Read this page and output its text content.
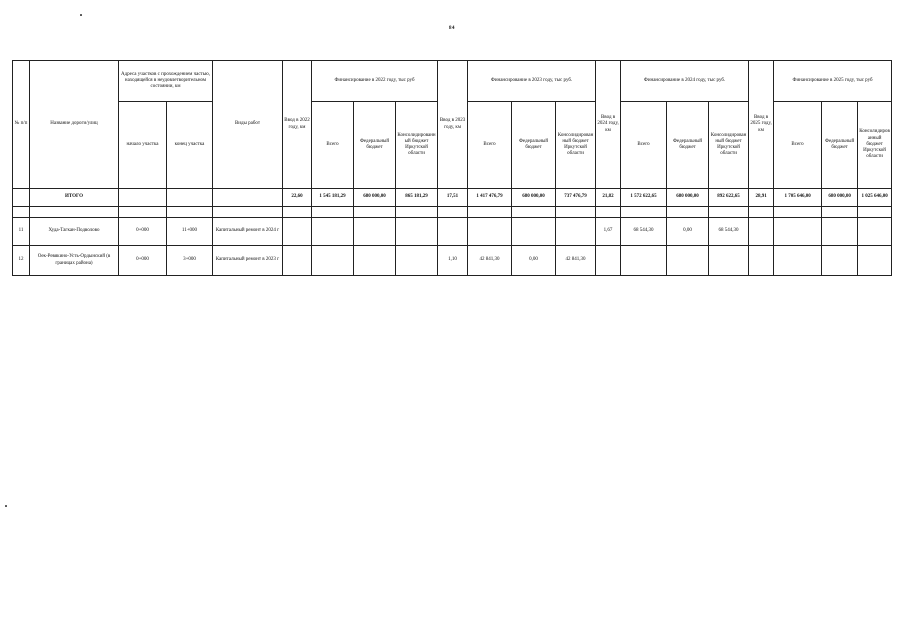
84
№ п/п	Название дороги/улиц	Адреса участков с прохождением частью, находящейся в неудовлетворительном состоянии, км		Виды работ	Ввод в 2022 году, км	Финансирование в 2022 году, тыс руб			Ввод в 2023 году, км	Финансирование в 2023 году, тыс руб.			Ввод в 2024 году, км	Финансирование в 2024 году, тыс руб.			Ввод в 2025 году, км	Финансирование в 2025 году, тыс руб		
		начало участка	конец участка			Всего	Федеральный бюджет	Консолидированный бюджет Иркутской области		Всего	Федеральный бюджет	Консолидированный бюджет Иркутской области		Всего	Федеральный бюджет	Консолидированный бюджет Иркутской области		Всего	Федеральный бюджет	Консолидированный бюджет Иркутской области
	ИТОГО				22,60	1 545 181,29	680 000,00	865 181,29	17,51	1 417 476,79	680 000,00	737 476,79	21,82	1 572 622,65	680 000,00	892 622,65	28,91	1 705 646,00	680 000,00	1 025 646,00

11	Худа-Тагкан-Подволово	0+000	11+000	Капитальный ремонт в 2024 г									1,67	68 544,30	0,00	68 544,30				
12	Оек-Ревякино-Усть-Ордынский (в границах района)	0+000	3+000	Капитальный ремонт в 2023 г					1,10	42 841,30	0,00	42 841,30								
